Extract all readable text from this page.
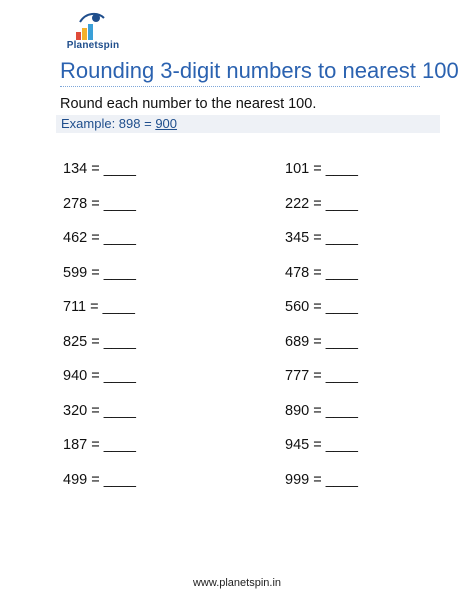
Planetspin
Rounding 3-digit numbers to nearest 100
Round each number to the nearest 100.
Example: 898 = 900
134 = ____
278 = ____
462 = ____
599 = ____
711 = ____
825 = ____
940 = ____
320 = ____
187 = ____
499 = ____
101 = ____
222 = ____
345 = ____
478 = ____
560 = ____
689 = ____
777 = ____
890 = ____
945 = ____
999 = ____
www.planetspin.in
